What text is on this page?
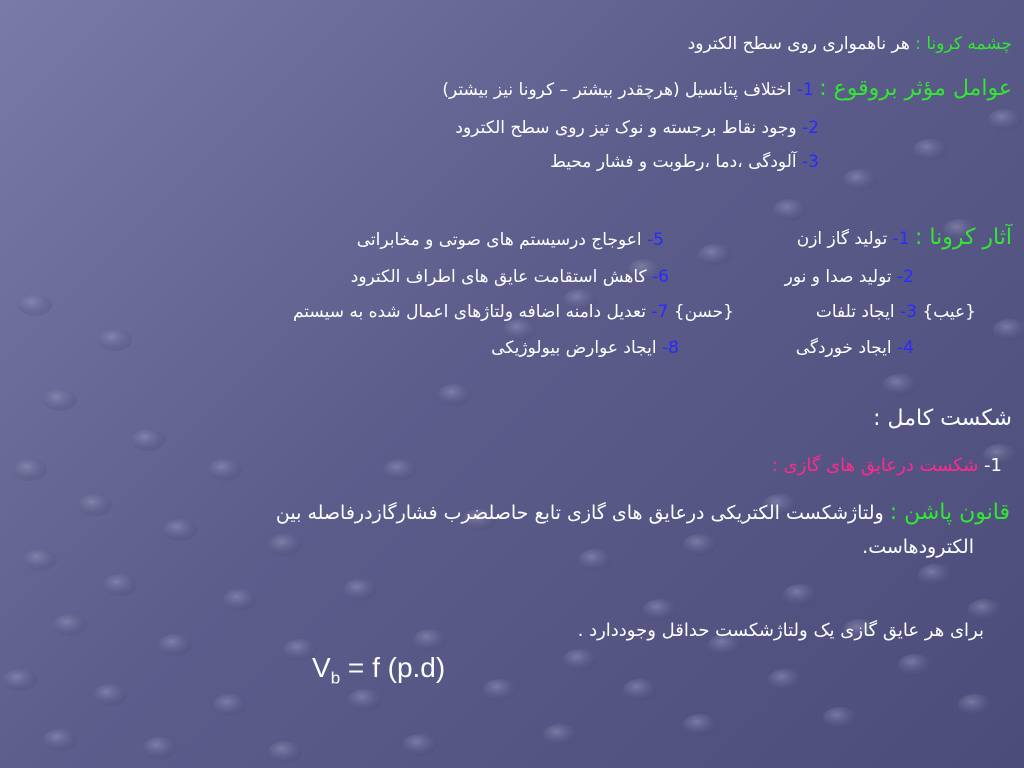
چشمه کرونا : هر ناهمواری روی سطح الکترود
عوامل مؤثر بروقوع : 1- اختلاف پتانسیل (هرچقدر بیشتر – کرونا نیز بیشتر)
2- وجود نقاط برجسته و نوک تیز روی سطح الکترود
3- آلودگی ،دما ،رطوبت و فشار محیط
آثار کرونا : 1- تولید گاز ازن
5- اعوجاج درسیستم های صوتی و مخابراتی
2- تولید صدا و نور
6- کاهش استقامت عایق های اطراف الکترود
{عیب} 3- ایجاد تلفات
{حسن} 7- تعدیل دامنه اضافه ولتاژهای اعمال شده به سیستم
4- ایجاد خوردگی
8- ایجاد عوارض بیولوژیکی
شکست کامل :
1- شکست درعایق های گازی :
قانون پاشن : ولتاژشکست الکتریکی درعایق های گازی تابع حاصلضرب فشارگازدرفاصله بین
الکترودهاست.
برای هر عایق گازی یک ولتاژشکست حداقل وجوددارد .
$V_b = f$ (p.d)
